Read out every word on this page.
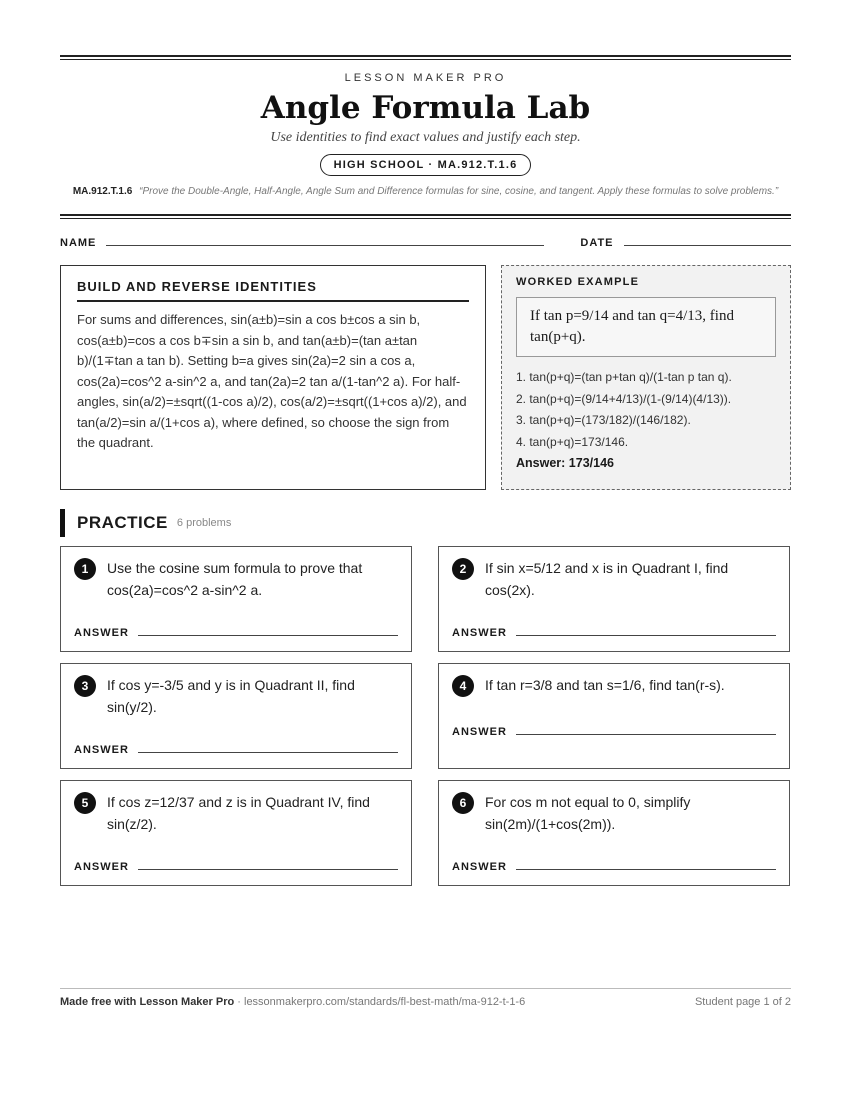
LESSON MAKER PRO
Angle Formula Lab
Use identities to find exact values and justify each step.
HIGH SCHOOL · MA.912.T.1.6
MA.912.T.1.6 “Prove the Double-Angle, Half-Angle, Angle Sum and Difference formulas for sine, cosine, and tangent. Apply these formulas to solve problems.”
NAME	DATE
BUILD AND REVERSE IDENTITIES

For sums and differences, sin(a±b)=sin a cos b±cos a sin b, cos(a±b)=cos a cos b∓sin a sin b, and tan(a±b)=(tan a±tan b)/(1∓tan a tan b). Setting b=a gives sin(2a)=2 sin a cos a, cos(2a)=cos^2 a-sin^2 a, and tan(2a)=2 tan a/(1-tan^2 a). For half-angles, sin(a/2)=±sqrt((1-cos a)/2), cos(a/2)=±sqrt((1+cos a)/2), and tan(a/2)=sin a/(1+cos a), where defined, so choose the sign from the quadrant.

WORKED EXAMPLE
If tan p=9/14 and tan q=4/13, find tan(p+q).
1. tan(p+q)=(tan p+tan q)/(1-tan p tan q).
2. tan(p+q)=(9/14+4/13)/(1-(9/14)(4/13)).
3. tan(p+q)=(173/182)/(146/182).
4. tan(p+q)=173/146.
Answer: 173/146
PRACTICE 6 problems
1	Use the cosine sum formula to prove that cos(2a)=cos^2 a-sin^2 a.
ANSWER
2	If sin x=5/12 and x is in Quadrant I, find cos(2x).
ANSWER
3	If cos y=-3/5 and y is in Quadrant II, find sin(y/2).
ANSWER
4	If tan r=3/8 and tan s=1/6, find tan(r-s).
ANSWER
5	If cos z=12/37 and z is in Quadrant IV, find sin(z/2).
ANSWER
6	For cos m not equal to 0, simplify sin(2m)/(1+cos(2m)).
ANSWER
Made free with Lesson Maker Pro · lessonmakerpro.com/standards/fl-best-math/ma-912-t-1-6	Student page 1 of 2
